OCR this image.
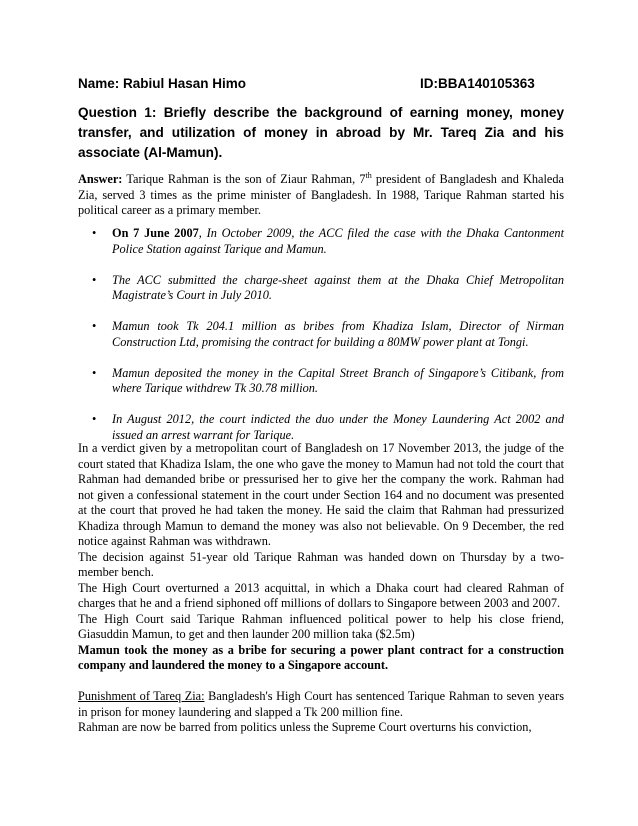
Name: Rabiul Hasan Himo	ID:BBA140105363

Question 1: Briefly describe the background of earning money, money transfer, and utilization of money in abroad by Mr. Tareq Zia and his associate (Al-Mamun).

Answer: Tarique Rahman is the son of Ziaur Rahman, 7th president of Bangladesh and Khaleda Zia, served 3 times as the prime minister of Bangladesh. In 1988, Tarique Rahman started his political career as a primary member.

• On 7 June 2007, In October 2009, the ACC filed the case with the Dhaka Cantonment Police Station against Tarique and Mamun.
• The ACC submitted the charge-sheet against them at the Dhaka Chief Metropolitan Magistrate’s Court in July 2010.
• Mamun took Tk 204.1 million as bribes from Khadiza Islam, Director of Nirman Construction Ltd, promising the contract for building a 80MW power plant at Tongi.
• Mamun deposited the money in the Capital Street Branch of Singapore’s Citibank, from where Tarique withdrew Tk 30.78 million.
• In August 2012, the court indicted the duo under the Money Laundering Act 2002 and issued an arrest warrant for Tarique.

In a verdict given by a metropolitan court of Bangladesh on 17 November 2013, the judge of the court stated that Khadiza Islam, the one who gave the money to Mamun had not told the court that Rahman had demanded bribe or pressurised her to give her the company the work. Rahman had not given a confessional statement in the court under Section 164 and no document was presented at the court that proved he had taken the money. He said the claim that Rahman had pressurized Khadiza through Mamun to demand the money was also not believable. On 9 December, the red notice against Rahman was withdrawn.

The decision against 51-year old Tarique Rahman was handed down on Thursday by a two-member bench.

The High Court overturned a 2013 acquittal, in which a Dhaka court had cleared Rahman of charges that he and a friend siphoned off millions of dollars to Singapore between 2003 and 2007.

The High Court said Tarique Rahman influenced political power to help his close friend, Giasuddin Mamun, to get and then launder 200 million taka ($2.5m)

Mamun took the money as a bribe for securing a power plant contract for a construction company and laundered the money to a Singapore account.

Punishment of Tareq Zia: Bangladesh's High Court has sentenced Tarique Rahman to seven years in prison for money laundering and slapped a Tk 200 million fine.

Rahman are now be barred from politics unless the Supreme Court overturns his conviction,
